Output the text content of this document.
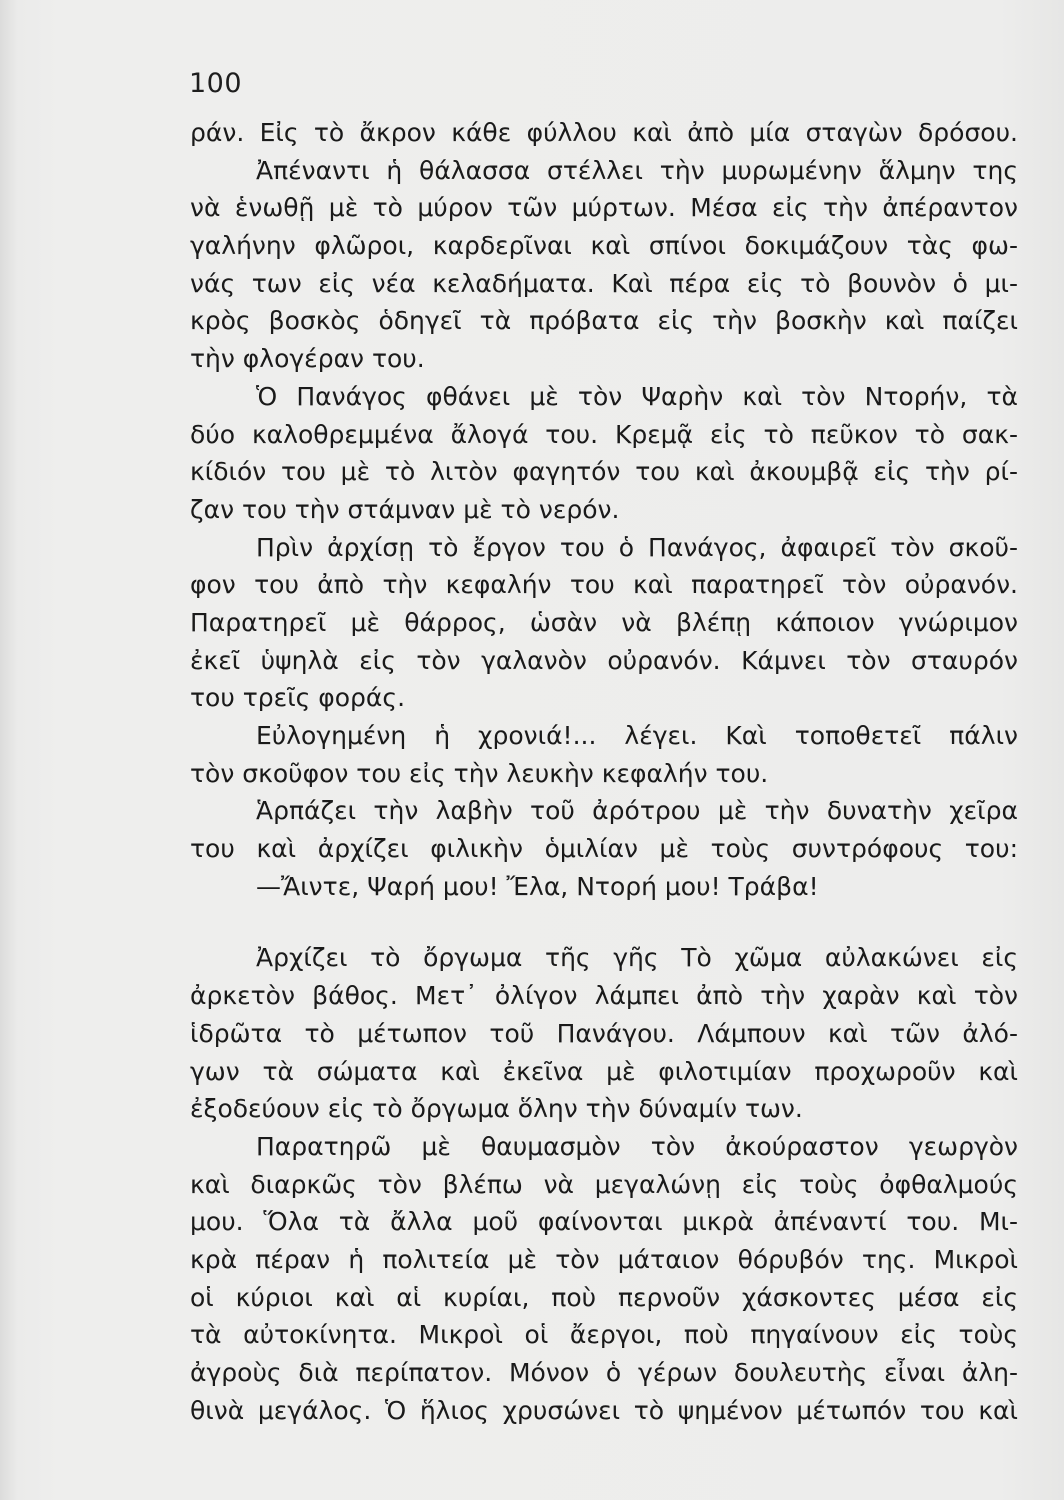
100
ράν. Εἰς τὸ ἄκρον κάθε φύλλου καὶ ἀπὸ μία σταγὼν δρόσου.
Ἀπέναντι ἡ θάλασσα στέλλει τὴν μυρωμένην ἅλμην της
νὰ ἑνωθῇ μὲ τὸ μύρον τῶν μύρτων. Μέσα εἰς τὴν ἀπέραντον
γαλήνην φλῶροι, καρδερῖναι καὶ σπίνοι δοκιμάζουν τὰς φω-
νάς των εἰς νέα κελαδήματα. Καὶ πέρα εἰς τὸ βουνὸν ὁ μι-
κρὸς βοσκὸς ὁδηγεῖ τὰ πρόβατα εἰς τὴν βοσκὴν καὶ παίζει
τὴν φλογέραν του.
Ὁ Πανάγος φθάνει μὲ τὸν Ψαρὴν καὶ τὸν Ντορήν, τὰ
δύο καλοθρεμμένα ἄλογά του. Κρεμᾷ εἰς τὸ πεῦκον τὸ σακ-
κίδιόν του μὲ τὸ λιτὸν φαγητόν του καὶ ἀκουμβᾷ εἰς τὴν ρί-
ζαν του τὴν στάμναν μὲ τὸ νερόν.
Πρὶν ἀρχίσῃ τὸ ἔργον του ὁ Πανάγος, ἀφαιρεῖ τὸν σκοῦ-
φον του ἀπὸ τὴν κεφαλήν του καὶ παρατηρεῖ τὸν οὐρανόν.
Παρατηρεῖ μὲ θάρρος, ὡσὰν νὰ βλέπῃ κάποιον γνώριμον
ἐκεῖ ὑψηλὰ εἰς τὸν γαλανὸν οὐρανόν. Κάμνει τὸν σταυρόν
του τρεῖς φοράς.
Εὐλογημένη ἡ χρονιά!... λέγει. Καὶ τοποθετεῖ πάλιν
τὸν σκοῦφον του εἰς τὴν λευκὴν κεφαλήν του.
Ἁρπάζει τὴν λαβὴν τοῦ ἀρότρου μὲ τὴν δυνατὴν χεῖρα
του καὶ ἀρχίζει φιλικὴν ὁμιλίαν μὲ τοὺς συντρόφους του:
—Ἄιντε, Ψαρή μου! Ἔλα, Ντορή μου! Τράβα!
Ἀρχίζει τὸ ὄργωμα τῆς γῆς Τὸ χῶμα αὐλακώνει εἰς
ἀρκετὸν βάθος. Μετ᾽ ὀλίγον λάμπει ἀπὸ τὴν χαρὰν καὶ τὸν
ἱδρῶτα τὸ μέτωπον τοῦ Πανάγου. Λάμπουν καὶ τῶν ἀλό-
γων τὰ σώματα καὶ ἐκεῖνα μὲ φιλοτιμίαν προχωροῦν καὶ
ἐξοδεύουν εἰς τὸ ὄργωμα ὅλην τὴν δύναμίν των.
Παρατηρῶ μὲ θαυμασμὸν τὸν ἀκούραστον γεωργὸν
καὶ διαρκῶς τὸν βλέπω νὰ μεγαλώνῃ εἰς τοὺς ὀφθαλμούς
μου. Ὅλα τὰ ἄλλα μοῦ φαίνονται μικρὰ ἀπέναντί του. Μι-
κρὰ πέραν ἡ πολιτεία μὲ τὸν μάταιον θόρυβόν της. Μικροὶ
οἱ κύριοι καὶ αἱ κυρίαι, ποὺ περνοῦν χάσκοντες μέσα εἰς
τὰ αὐτοκίνητα. Μικροὶ οἱ ἄεργοι, ποὺ πηγαίνουν εἰς τοὺς
ἀγροὺς διὰ περίπατον. Μόνον ὁ γέρων δουλευτὴς εἶναι ἀλη-
θινὰ μεγάλος. Ὁ ἥλιος χρυσώνει τὸ ψημένον μέτωπόν του καὶ
